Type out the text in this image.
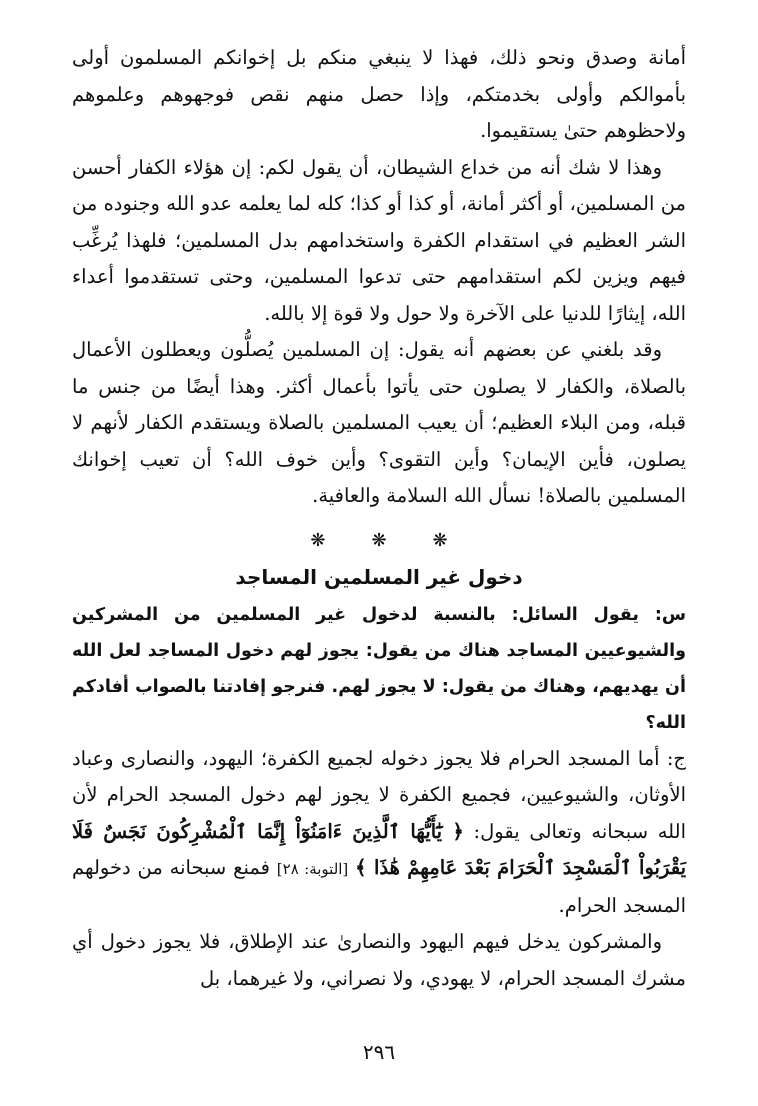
أمانة وصدق ونحو ذلك، فهذا لا ينبغي منكم بل إخوانكم المسلمون أولى بأموالكم وأولى بخدمتكم، وإذا حصل منهم نقص فوجهوهم وعلموهم ولاحظوهم حتىٰ يستقيموا.

وهذا لا شك أنه من خداع الشيطان، أن يقول لكم: إن هؤلاء الكفار أحسن من المسلمين، أو أكثر أمانة، أو كذا أو كذا؛ كله لما يعلمه عدو الله وجنوده من الشر العظيم في استقدام الكفرة واستخدامهم بدل المسلمين؛ فلهذا يُرغِّب فيهم ويزين لكم استقدامهم حتى تدعوا المسلمين، وحتى تستقدموا أعداء الله، إيثارًا للدنيا على الآخرة ولا حول ولا قوة إلا بالله.

وقد بلغني عن بعضهم أنه يقول: إن المسلمين يُصلُّون ويعطلون الأعمال بالصلاة، والكفار لا يصلون حتى يأتوا بأعمال أكثر. وهذا أيضًا من جنس ما قبله، ومن البلاء العظيم؛ أن يعيب المسلمين بالصلاة ويستقدم الكفار لأنهم لا يصلون، فأين الإيمان؟ وأين التقوى؟ وأين خوف الله؟ أن تعيب إخوانك المسلمين بالصلاة! نسأل الله السلامة والعافية.

❋	❋	❋
دخول غير المسلمين المساجد

س: يقول السائل: بالنسبة لدخول غير المسلمين من المشركين والشيوعيين المساجد هناك من يقول: يجوز لهم دخول المساجد لعل الله أن يهديهم، وهناك من يقول: لا يجوز لهم. فنرجو إفادتنا بالصواب أفادكم الله؟

ج: أما المسجد الحرام فلا يجوز دخوله لجميع الكفرة؛ اليهود، والنصارى وعباد الأوثان، والشيوعيين، فجميع الكفرة لا يجوز لهم دخول المسجد الحرام لأن الله سبحانه وتعالى يقول: ﴿ يَٰٓأَيُّهَا ٱلَّذِينَ ءَامَنُوٓاْ إِنَّمَا ٱلْمُشْرِكُونَ نَجَسٌ فَلَا يَقْرَبُواْ ٱلْمَسْجِدَ ٱلْحَرَامَ بَعْدَ عَامِهِمْ هَٰذَا ﴾ [التوبة: ٢٨] فمنع سبحانه من دخولهم المسجد الحرام.

والمشركون يدخل فيهم اليهود والنصارىٰ عند الإطلاق، فلا يجوز دخول أي مشرك المسجد الحرام، لا يهودي، ولا نصراني، ولا غيرهما، بل

٢٩٦
